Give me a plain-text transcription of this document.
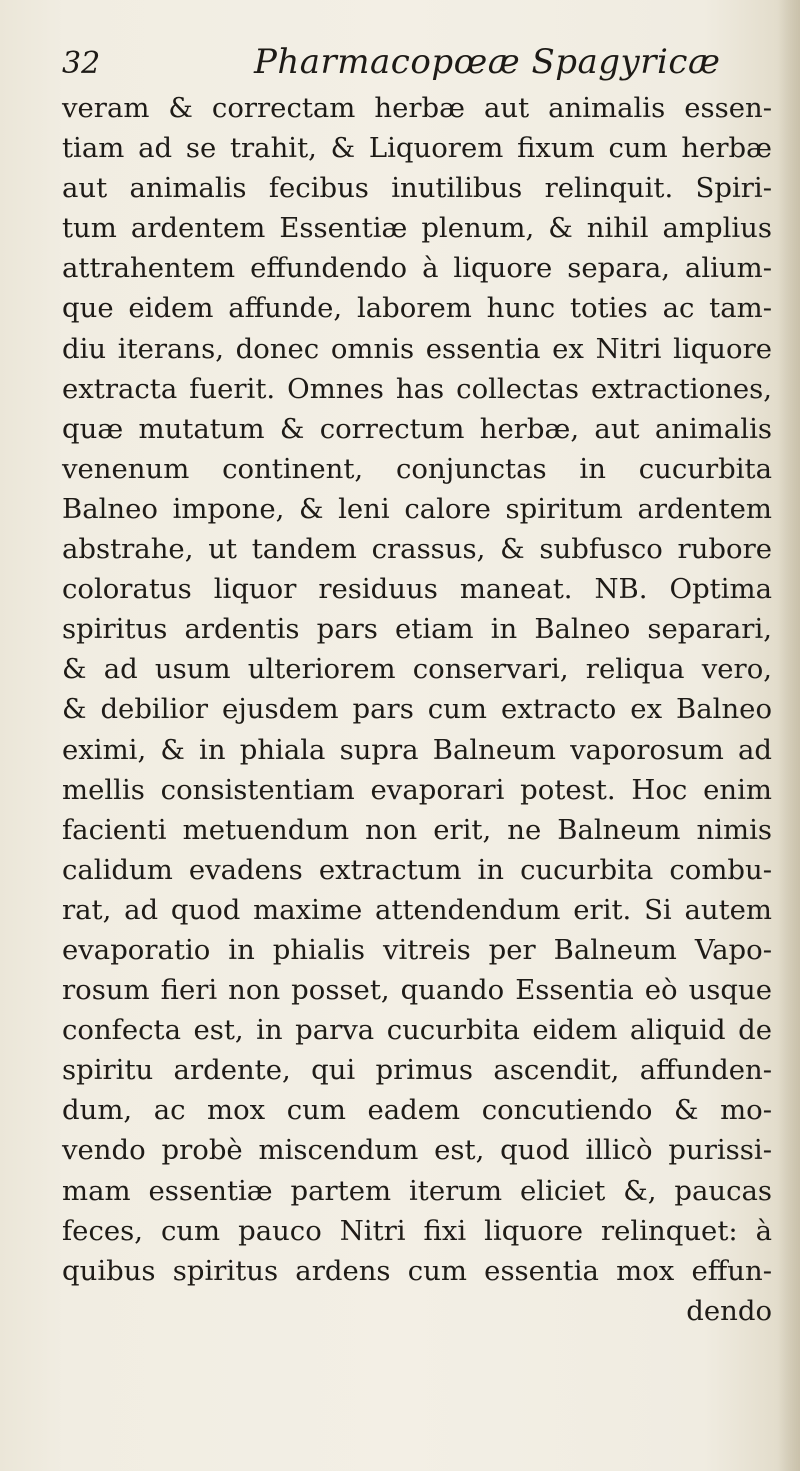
32	Pharmacopœæ Spagyricæ
veram & correctam herbæ aut animalis essen-
tiam ad se trahit, & Liquorem fixum cum herbæ
aut animalis fecibus inutilibus relinquit. Spiri-
tum ardentem Essentiæ plenum, & nihil amplius
attrahentem effundendo à liquore separa, alium-
que eidem affunde, laborem hunc toties ac tam-
diu iterans, donec omnis essentia ex Nitri liquore
extracta fuerit. Omnes has collectas extractiones,
quæ mutatum & correctum herbæ, aut animalis
venenum continent, conjunctas in cucurbita
Balneo impone, & leni calore spiritum ardentem
abstrahe, ut tandem crassus, & subfusco rubore
coloratus liquor residuus maneat. NB. Optima
spiritus ardentis pars etiam in Balneo separari,
& ad usum ulteriorem conservari, reliqua vero,
& debilior ejusdem pars cum extracto ex Balneo
eximi, & in phiala supra Balneum vaporosum ad
mellis consistentiam evaporari potest. Hoc enim
facienti metuendum non erit, ne Balneum nimis
calidum evadens extractum in cucurbita combu-
rat, ad quod maxime attendendum erit. Si autem
evaporatio in phialis vitreis per Balneum Vapo-
rosum fieri non posset, quando Essentia eò usque
confecta est, in parva cucurbita eidem aliquid de
spiritu ardente, qui primus ascendit, affunden-
dum, ac mox cum eadem concutiendo & mo-
vendo probè miscendum est, quod illicò purissi-
mam essentiæ partem iterum eliciet &, paucas
feces, cum pauco Nitri fixi liquore relinquet: à
quibus spiritus ardens cum essentia mox effun-
dendo
